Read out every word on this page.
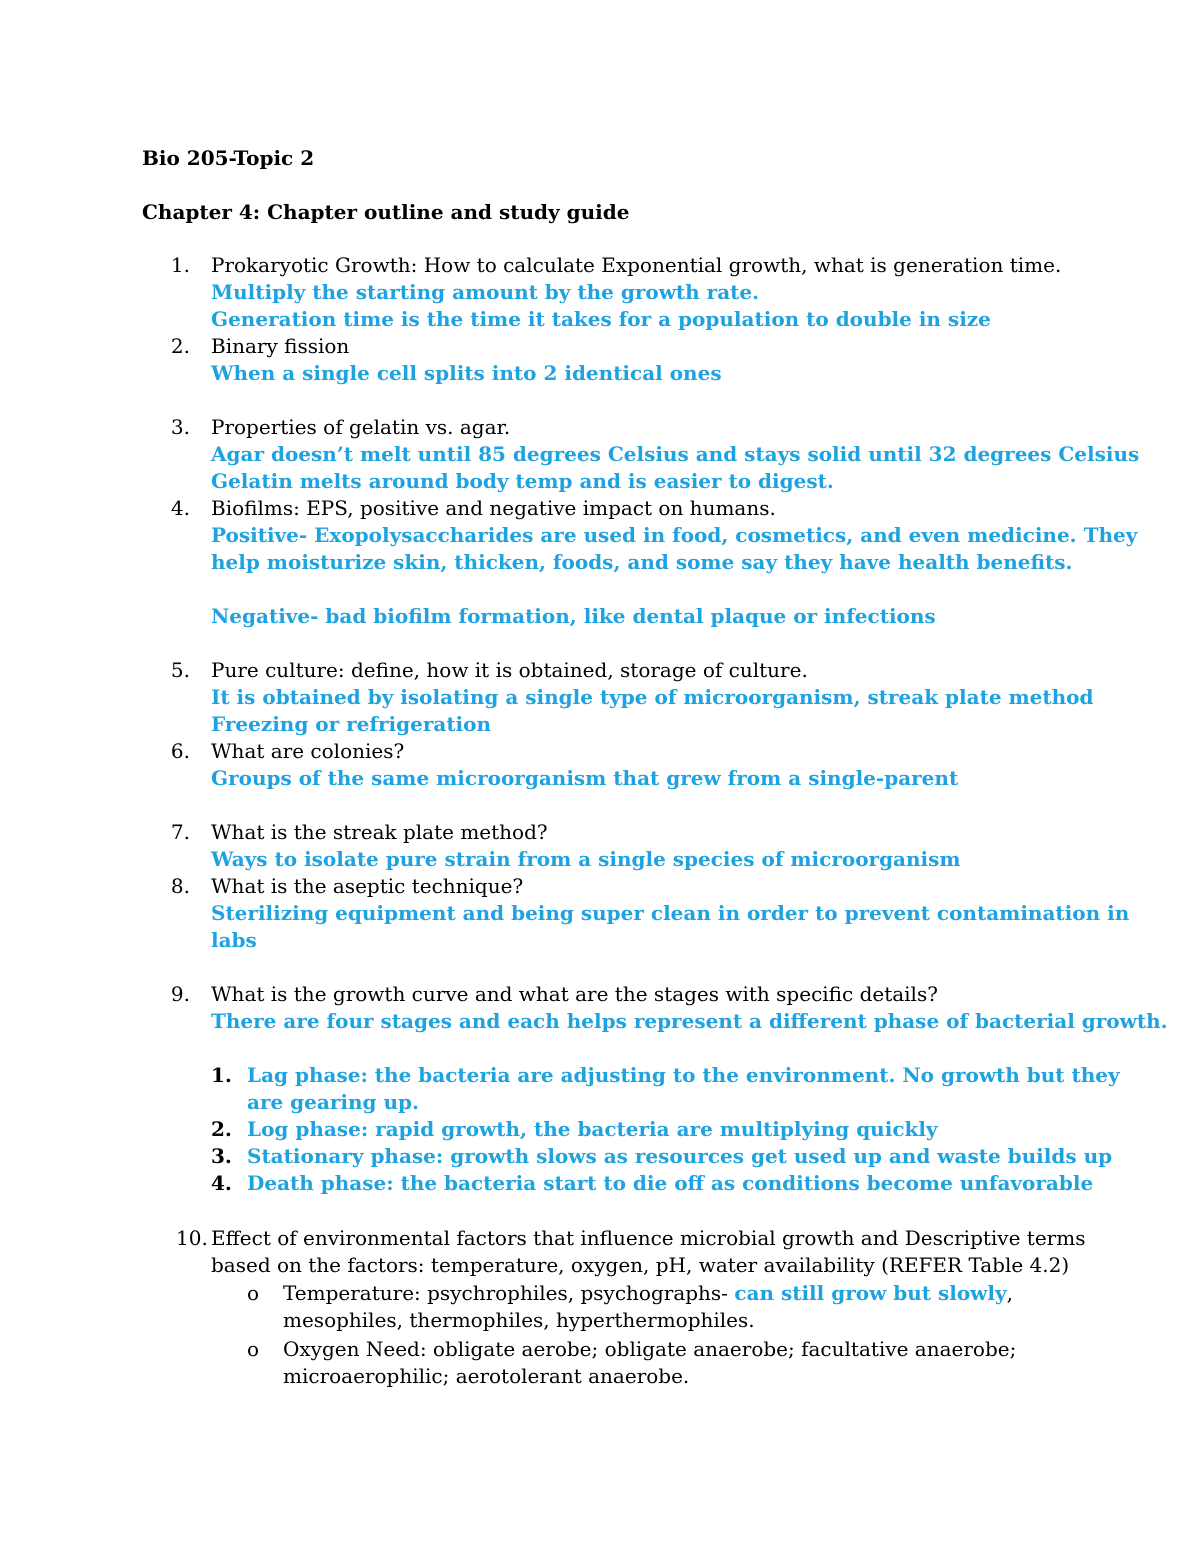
Bio 205-Topic 2
Chapter 4: Chapter outline and study guide
1. Prokaryotic Growth: How to calculate Exponential growth, what is generation time.
Multiply the starting amount by the growth rate.
Generation time is the time it takes for a population to double in size
2. Binary fission
When a single cell splits into 2 identical ones
3. Properties of gelatin vs. agar.
Agar doesn’t melt until 85 degrees Celsius and stays solid until 32 degrees Celsius
Gelatin melts around body temp and is easier to digest.
4. Biofilms: EPS, positive and negative impact on humans.
Positive- Exopolysaccharides are used in food, cosmetics, and even medicine. They
help moisturize skin, thicken, foods, and some say they have health benefits.
Negative- bad biofilm formation, like dental plaque or infections
5. Pure culture: define, how it is obtained, storage of culture.
It is obtained by isolating a single type of microorganism, streak plate method
Freezing or refrigeration
6. What are colonies?
Groups of the same microorganism that grew from a single-parent
7. What is the streak plate method?
Ways to isolate pure strain from a single species of microorganism
8. What is the aseptic technique?
Sterilizing equipment and being super clean in order to prevent contamination in
labs
9. What is the growth curve and what are the stages with specific details?
There are four stages and each helps represent a different phase of bacterial growth.
1. Lag phase: the bacteria are adjusting to the environment. No growth but they
are gearing up.
2. Log phase: rapid growth, the bacteria are multiplying quickly
3. Stationary phase: growth slows as resources get used up and waste builds up
4. Death phase: the bacteria start to die off as conditions become unfavorable
10. Effect of environmental factors that influence microbial growth and Descriptive terms
based on the factors: temperature, oxygen, pH, water availability (REFER Table 4.2)
o Temperature: psychrophiles, psychographs- can still grow but slowly,
mesophiles, thermophiles, hyperthermophiles.
o Oxygen Need: obligate aerobe; obligate anaerobe; facultative anaerobe;
microaerophilic; aerotolerant anaerobe.
